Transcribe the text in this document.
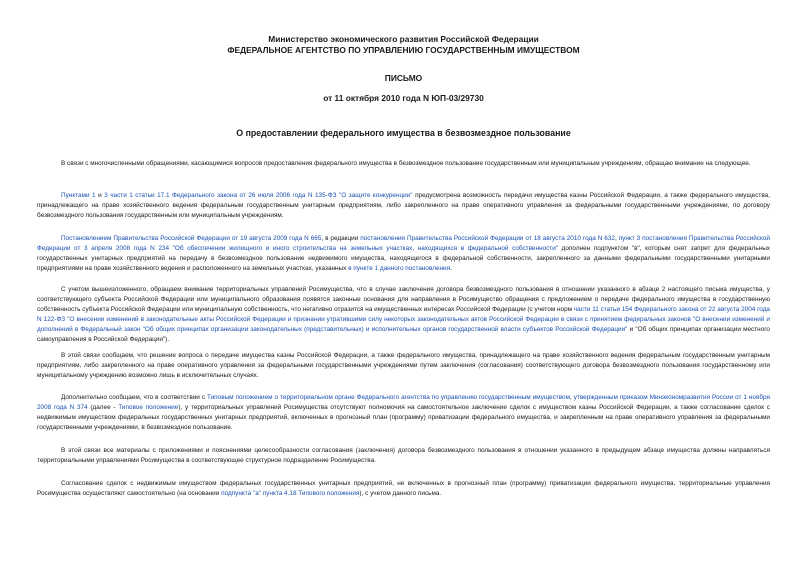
Министерство экономического развития Российской Федерации
ФЕДЕРАЛЬНОЕ АГЕНТСТВО ПО УПРАВЛЕНИЮ ГОСУДАРСТВЕННЫМ ИМУЩЕСТВОМ
ПИСЬМО
от 11 октября 2010 года N ЮП-03/29730
О предоставлении федерального имущества в безвозмездное пользование

В связи с многочисленными обращениями, касающимися вопросов предоставления федерального имущества в безвозмездное пользование государственным или муниципальным учреждениям, обращаю внимание на следующее.

Пунктами 1 и 3 части 1 статьи 17.1 Федерального закона от 26 июля 2006 года N 135-ФЗ "О защите конкуренции" предусмотрена возможность передачи имущества казны Российской Федерации, а также федерального имущества, принадлежащего на праве хозяйственного ведения федеральным государственным унитарным предприятиям, либо закрепленного на праве оперативного управления за федеральными государственными учреждениями, по договору безвозмездного пользования государственным или муниципальным учреждениям.

Постановлением Правительства Российской Федерации от 19 августа 2009 года N 665, в редакции постановления Правительства Российской Федерации от 18 августа 2010 года N 632, пункт 3 постановления Правительства Российской Федерации от 3 апреля 2008 года N 234 "Об обеспечении жилищного и иного строительства на земельных участках, находящихся в федеральной собственности" дополнен подпунктом "в", которым снят запрет для федеральных государственных унитарных предприятий на передачу в безвозмездное пользование недвижимого имущества, находящегося в федеральной собственности, закрепленного за данными федеральными государственными унитарными предприятиями на праве хозяйственного ведения и расположенного на земельных участках, указанных в пункте 1 данного постановления.

С учетом вышеизложенного, обращаем внимание территориальных управлений Росимущества, что в случае заключения договора безвозмездного пользования в отношении указанного в абзаце 2 настоящего письма имущества, у соответствующего субъекта Российской Федерации или муниципального образования появятся законные основания для направления в Росимущество обращения с предложением о передаче федерального имущества в государственную собственность субъекта Российской Федерации или муниципальную собственность, что негативно отразится на имущественных интересах Российской Федерации (с учетом норм части 11 статьи 154 Федерального закона от 22 августа 2004 года N 122-ФЗ "О внесении изменений в законодательные акты Российской Федерации и признании утратившими силу некоторых законодательных актов Российской Федерации в связи с принятием федеральных законов "О внесении изменений и дополнений в Федеральный закон "Об общих принципах организации законодательных (представительных) и исполнительных органов государственной власти субъектов Российской Федерации" и "Об общих принципах организации местного самоуправления в Российской Федерации").

В этой связи сообщаем, что решение вопроса о передаче имущества казны Российской Федерации, а также федерального имущества, принадлежащего на праве хозяйственного ведения федеральным государственным унитарным предприятиям, либо закрепленного на праве оперативного управления за федеральными государственными учреждениями путем заключения (согласования) соответствующего договора безвозмездного пользования государственному или муниципальному учреждению возможно лишь в исключительных случаях.

Дополнительно сообщаем, что в соответствии с Типовым положением о территориальном органе Федерального агентства по управлению государственным имуществом, утвержденным приказом Минэкономразвития России от 1 ноября 2008 года N 374 (далее - Типовое положение), у территориальных управлений Росимущества отсутствуют полномочия на самостоятельное заключение сделок с имуществом казны Российской Федерации, а также согласование сделок с недвижимым имуществом федеральных государственных унитарных предприятий, включенных в прогнозный план (программу) приватизации федерального имущества, и закрепленным на праве оперативного управления за федеральными государственными учреждениями, в безвозмездное пользование.

В этой связи все материалы с приложениями и пояснениями целесообразности согласования (заключения) договора безвозмездного пользования в отношении указанного в предыдущем абзаце имущества должны направляться территориальными управлениями Росимущества в соответствующее структурное подразделение Росимущества.

Согласование сделок с недвижимым имуществом федеральных государственных унитарных предприятий, не включенных в прогнозный план (программу) приватизации федерального имущества, территориальные управления Росимущества осуществляют самостоятельно (на основании подпункта "а" пункта 4.18 Типового положения), с учетом данного письма.
